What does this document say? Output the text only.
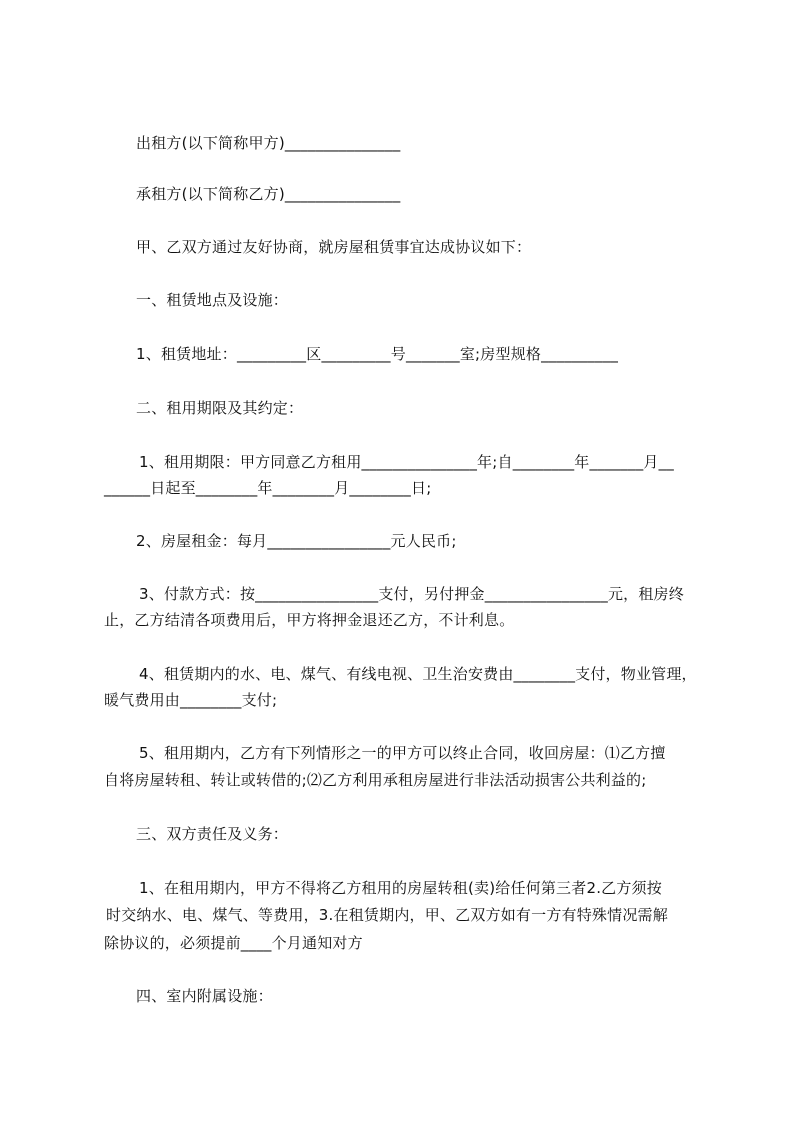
出租方(以下简称甲方)_______________
承租方(以下简称乙方)_______________
甲、乙双方通过友好协商，就房屋租赁事宜达成协议如下：
一、租赁地点及设施：
1、租赁地址：_________区_________号_______室;房型规格__________
二、租用期限及其约定：
1、租用期限：甲方同意乙方租用_______________年;自________年_______月__
______日起至________年________月________日;
2、房屋租金：每月________________元人民币;
3、付款方式：按________________支付，另付押金________________元，租房终
止，乙方结清各项费用后，甲方将押金退还乙方，不计利息。
4、租赁期内的水、电、煤气、有线电视、卫生治安费由________支付，物业管理，
暖气费用由________支付;
5、租用期内，乙方有下列情形之一的甲方可以终止合同，收回房屋：⑴乙方擅
自将房屋转租、转让或转借的;⑵乙方利用承租房屋进行非法活动损害公共利益的;
三、双方责任及义务：
1、在租用期内，甲方不得将乙方租用的房屋转租(卖)给任何第三者2.乙方须按
时交纳水、电、煤气、等费用，3.在租赁期内，甲、乙双方如有一方有特殊情况需解
除协议的，必须提前____个月通知对方
四、室内附属设施：
